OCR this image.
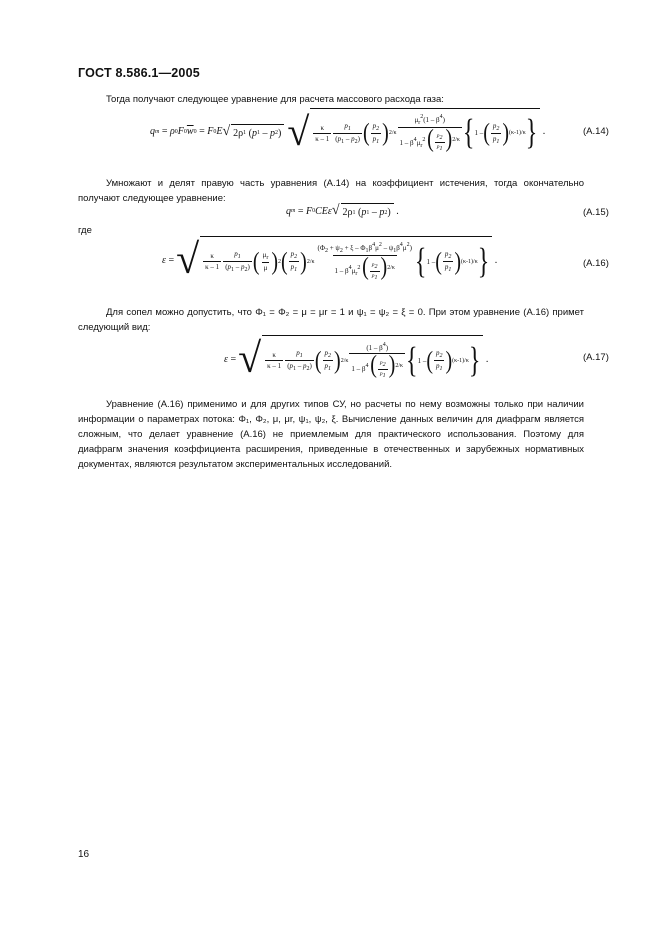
ГОСТ 8.586.1—2005
Тогда получают следующее уравнение для расчета массового расхода газа:
q m = ρ 0 F 0 $\overline{w}$ 0 = F 0 E √ 2ρ 1 ( p 1 – p 2 ) √ $\frac{\kappa}{\kappa - 1} \frac{p1}{(p1 - p2)}$ ( $\frac{p2}{p1}$ ) $2/\kappa \frac{\mu r2(1 - \beta 4)}{1 - \beta 4\mu r2 ( \frac{p2}{p1} )2/\kappa}$ { 1 – ( $\frac{p2}{p1}$ ) (κ-1)/κ } .	(А.14)
Умножают и делят правую часть уравнения (А.14) на коэффициент истечения, тогда окончательно получают следующее уравнение:
q m = F 0 CEε √ 2ρ 1 ( p 1 – p 2 ) .	(А.15)
где
ε = √ $\frac{\kappa}{\kappa - 1} \frac{p1}{(p1 - p2)}$ ( $\frac{\mu r}{\mu}$ ) 2 ( $\frac{p2}{p1}$ ) $2/\kappa \frac{(\Phi 2 + \psi 2 + \xi - \Phi 1\beta 4\mu 2 - \psi 1\beta 4\mu 2)}{1 - \beta 4\mu r2 ( \frac{p2}{p1} )2/\kappa}$ { 1 – ( $\frac{p2}{p1}$ ) (κ-1)/κ } .	(А.16)
Для сопел можно допустить, что Φ₁ = Φ₂ = μ = μr = 1 и ψ₁ = ψ₂ = ξ = 0. При этом уравнение (А.16) примет следующий вид:
ε = √ $\frac{\kappa}{\kappa - 1} \frac{p1}{(p1 - p2)}$ ( $\frac{p2}{p1}$ ) $2/\kappa \frac{(1 - \beta 4)}{1 - \beta 4 ( \frac{p2}{p1} )2/\kappa}$ { 1 – ( $\frac{p2}{p1}$ ) (κ-1)/κ } .	(А.17)
Уравнение (А.16) применимо и для других типов СУ, но расчеты по нему возможны только при наличии информации о параметрах потока: Φ₁, Φ₂, μ, μr, ψ₁, ψ₂, ξ. Вычисление данных величин для диафрагм является сложным, что делает уравнение (А.16) не приемлемым для практического использования. Поэтому для диафрагм значения коэффициента расширения, приведенные в отечественных и зарубежных нормативных документах, являются результатом экспериментальных исследований.
16
